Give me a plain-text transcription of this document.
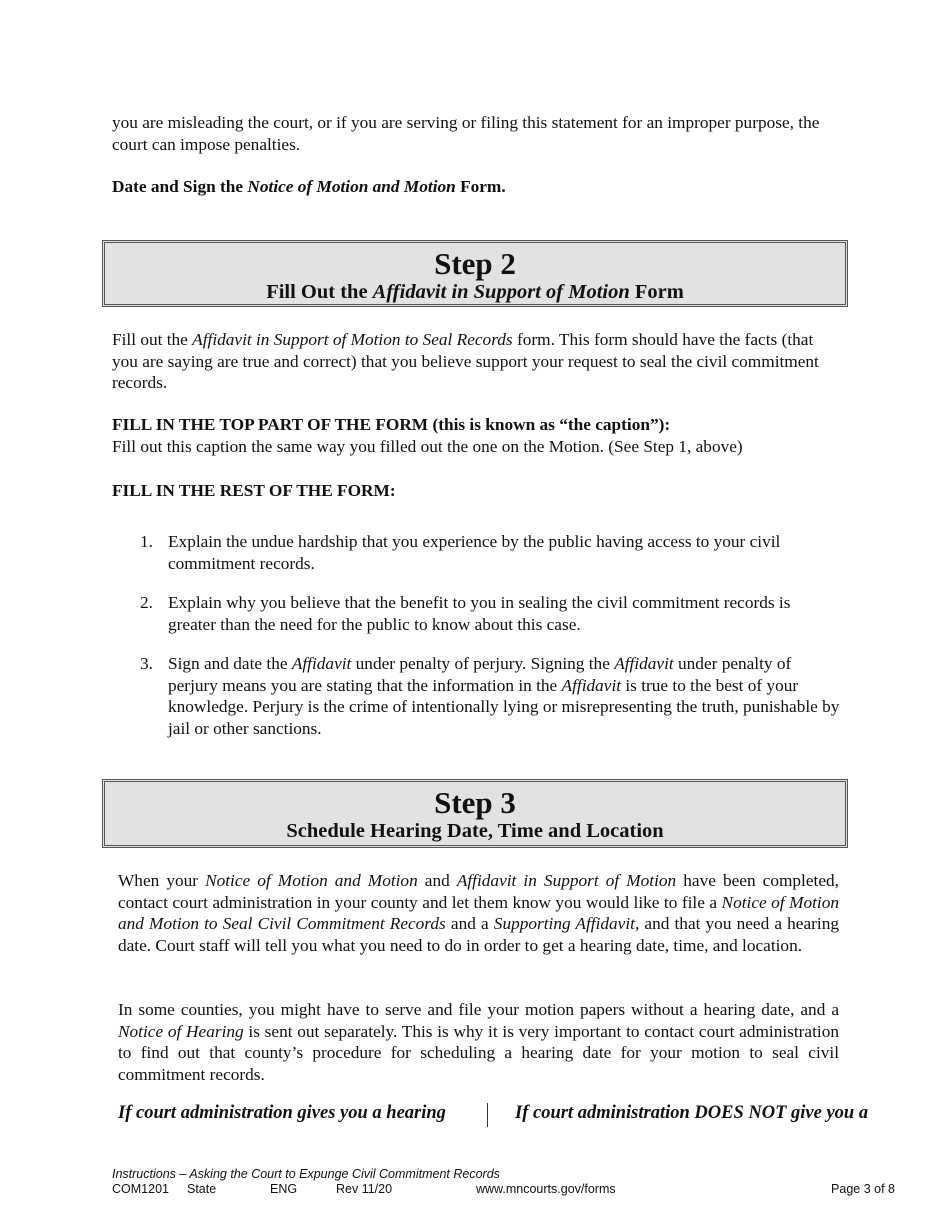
you are misleading the court, or if you are serving or filing this statement for an improper purpose, the court can impose penalties.

Date and Sign the Notice of Motion and Motion Form.

Step 2
Fill Out the Affidavit in Support of Motion Form

Fill out the Affidavit in Support of Motion to Seal Records form. This form should have the facts (that you are saying are true and correct) that you believe support your request to seal the civil commitment records.

FILL IN THE TOP PART OF THE FORM (this is known as “the caption”):

Fill out this caption the same way you filled out the one on the Motion. (See Step 1, above)

FILL IN THE REST OF THE FORM:

1. Explain the undue hardship that you experience by the public having access to your civil commitment records.
2. Explain why you believe that the benefit to you in sealing the civil commitment records is greater than the need for the public to know about this case.
3. Sign and date the Affidavit under penalty of perjury. Signing the Affidavit under penalty of perjury means you are stating that the information in the Affidavit is true to the best of your knowledge. Perjury is the crime of intentionally lying or misrepresenting the truth, punishable by jail or other sanctions.
Step 3
Schedule Hearing Date, Time and Location

When your Notice of Motion and Motion and Affidavit in Support of Motion have been completed, contact court administration in your county and let them know you would like to file a Notice of Motion and Motion to Seal Civil Commitment Records and a Supporting Affidavit, and that you need a hearing date. Court staff will tell you what you need to do in order to get a hearing date, time, and location.

In some counties, you might have to serve and file your motion papers without a hearing date, and a Notice of Hearing is sent out separately. This is why it is very important to contact court administration to find out that county’s procedure for scheduling a hearing date for your motion to seal civil commitment records.

If court administration gives you a hearing	If court administration DOES NOT give you a
Instructions – Asking the Court to Expunge Civil Commitment Records
COM1201 State	ENG	Rev 11/20	www.mncourts.gov/forms	Page 3 of 8
